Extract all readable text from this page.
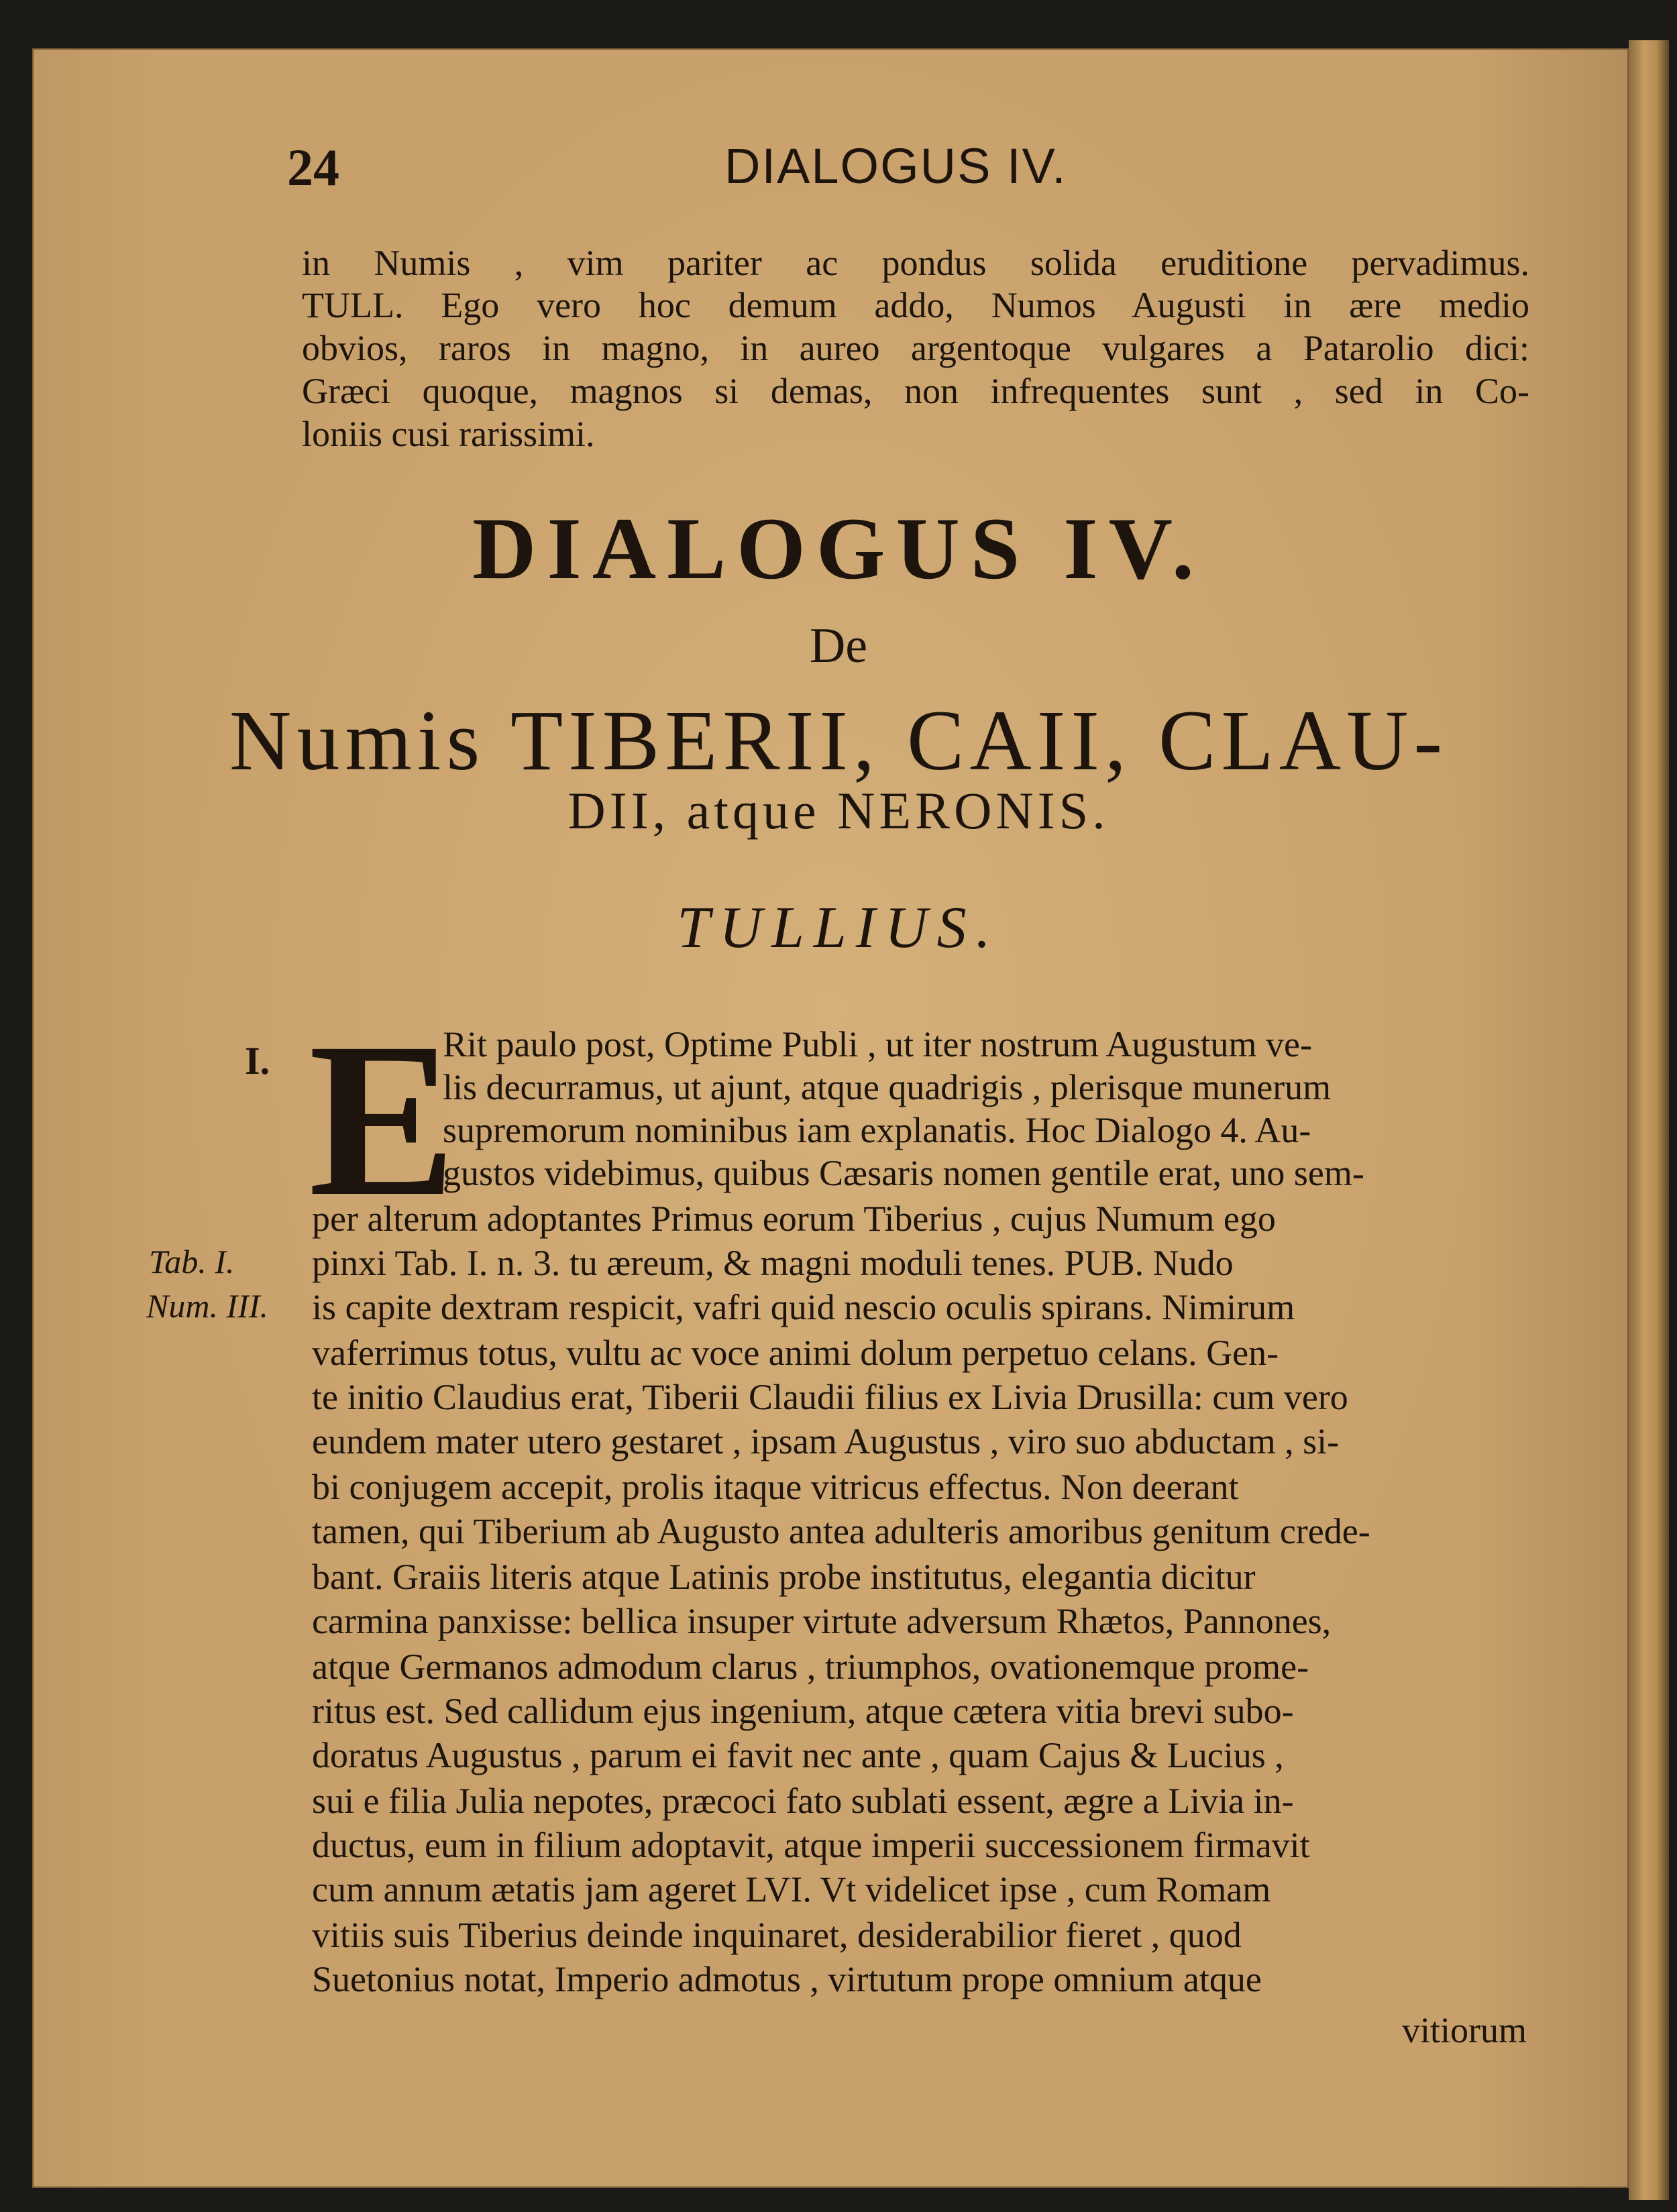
24	DIALOGUS IV.
in Numis , vim pariter ac pondus solida eruditione pervadimus.
TULL. Ego vero hoc demum addo, Numos Augusti in ære medio
obvios, raros in magno, in aureo argentoque vulgares a Patarolio dici:
Græci quoque, magnos si demas, non infrequentes sunt , sed in Co-
loniis cusi rarissimi.
DIALOGUS IV.
De
Numis TIBERII, CAII, CLAU-
DII, atque NERONIS.
TULLIUS.
I.
Tab. I.
Num. III.
E
Rit paulo post, Optime Publi , ut iter nostrum Augustum ve-
lis decurramus, ut ajunt, atque quadrigis , plerisque munerum
supremorum nominibus iam explanatis. Hoc Dialogo 4. Au-
gustos videbimus, quibus Cæsaris nomen gentile erat, uno sem-
per alterum adoptantes Primus eorum Tiberius , cujus Numum ego
pinxi Tab. I. n. 3. tu æreum, & magni moduli tenes. PUB. Nudo
is capite dextram respicit, vafri quid nescio oculis spirans. Nimirum
vaferrimus totus, vultu ac voce animi dolum perpetuo celans. Gen-
te initio Claudius erat, Tiberii Claudii filius ex Livia Drusilla: cum vero
eundem mater utero gestaret , ipsam Augustus , viro suo abductam , si-
bi conjugem accepit, prolis itaque vitricus effectus. Non deerant
tamen, qui Tiberium ab Augusto antea adulteris amoribus genitum crede-
bant. Graiis literis atque Latinis probe institutus, elegantia dicitur
carmina panxisse: bellica insuper virtute adversum Rhætos, Pannones,
atque Germanos admodum clarus , triumphos, ovationemque prome-
ritus est. Sed callidum ejus ingenium, atque cætera vitia brevi subo-
doratus Augustus , parum ei favit nec ante , quam Cajus & Lucius ,
sui e filia Julia nepotes, præcoci fato sublati essent, ægre a Livia in-
ductus, eum in filium adoptavit, atque imperii successionem firmavit
cum annum ætatis jam ageret LVI. Vt videlicet ipse , cum Romam
vitiis suis Tiberius deinde inquinaret, desiderabilior fieret , quod
Suetonius notat, Imperio admotus , virtutum prope omnium atque
vitiorum
